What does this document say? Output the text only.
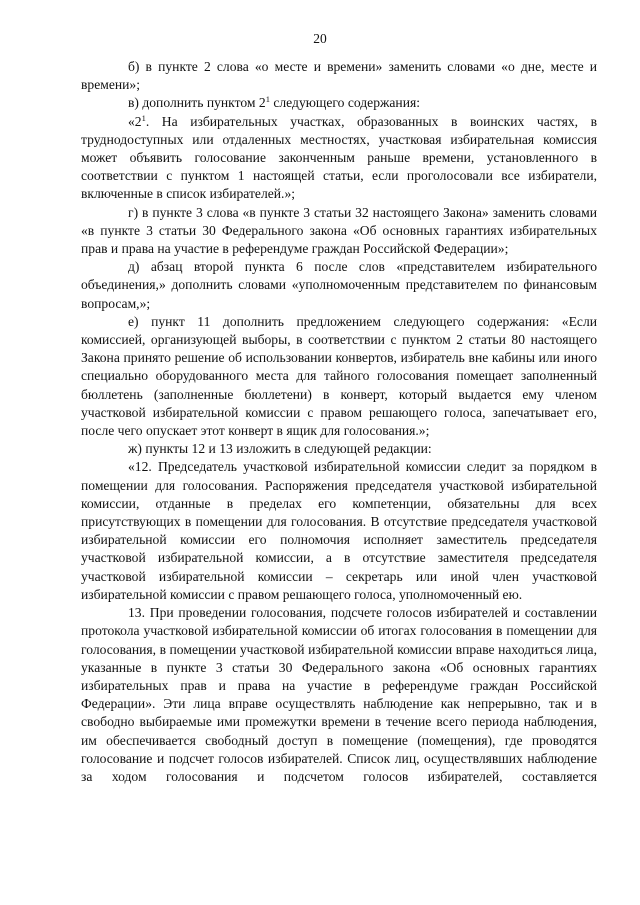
20

б) в пункте 2 слова «о месте и времени» заменить словами «о дне, месте и времени»;

в) дополнить пунктом $2^1$ следующего содержания:

«$2^1$. На избирательных участках, образованных в воинских частях, в труднодоступных или отдаленных местностях, участковая избирательная комиссия может объявить голосование законченным раньше времени, установленного в соответствии с пунктом 1 настоящей статьи, если проголосовали все избиратели, включенные в список избирателей.»;

г) в пункте 3 слова «в пункте 3 статьи 32 настоящего Закона» заменить словами «в пункте 3 статьи 30 Федерального закона «Об основных гарантиях избирательных прав и права на участие в референдуме граждан Российской Федерации»;

д) абзац второй пункта 6 после слов «представителем избирательного объединения,» дополнить словами «уполномоченным представителем по финансовым вопросам,»;

е) пункт 11 дополнить предложением следующего содержания: «Если комиссией, организующей выборы, в соответствии с пунктом 2 статьи 80 настоящего Закона принято решение об использовании конвертов, избиратель вне кабины или иного специально оборудованного места для тайного голосования помещает заполненный бюллетень (заполненные бюллетени) в конверт, который выдается ему членом участковой избирательной комиссии с правом решающего голоса, запечатывает его, после чего опускает этот конверт в ящик для голосования.»;

ж) пункты 12 и 13 изложить в следующей редакции:

«12. Председатель участковой избирательной комиссии следит за порядком в помещении для голосования. Распоряжения председателя участковой избирательной комиссии, отданные в пределах его компетенции, обязательны для всех присутствующих в помещении для голосования. В отсутствие председателя участковой избирательной комиссии его полномочия исполняет заместитель председателя участковой избирательной комиссии, а в отсутствие заместителя председателя участковой избирательной комиссии – секретарь или иной член участковой избирательной комиссии с правом решающего голоса, уполномоченный ею.

13. При проведении голосования, подсчете голосов избирателей и составлении протокола участковой избирательной комиссии об итогах голосования в помещении для голосования, в помещении участковой избирательной комиссии вправе находиться лица, указанные в пункте 3 статьи 30 Федерального закона «Об основных гарантиях избирательных прав и права на участие в референдуме граждан Российской Федерации». Эти лица вправе осуществлять наблюдение как непрерывно, так и в свободно выбираемые ими промежутки времени в течение всего периода наблюдения, им обеспечивается свободный доступ в помещение (помещения), где проводятся голосование и подсчет голосов избирателей. Список лиц, осуществлявших наблюдение за ходом голосования и подсчетом голосов избирателей, составляется
